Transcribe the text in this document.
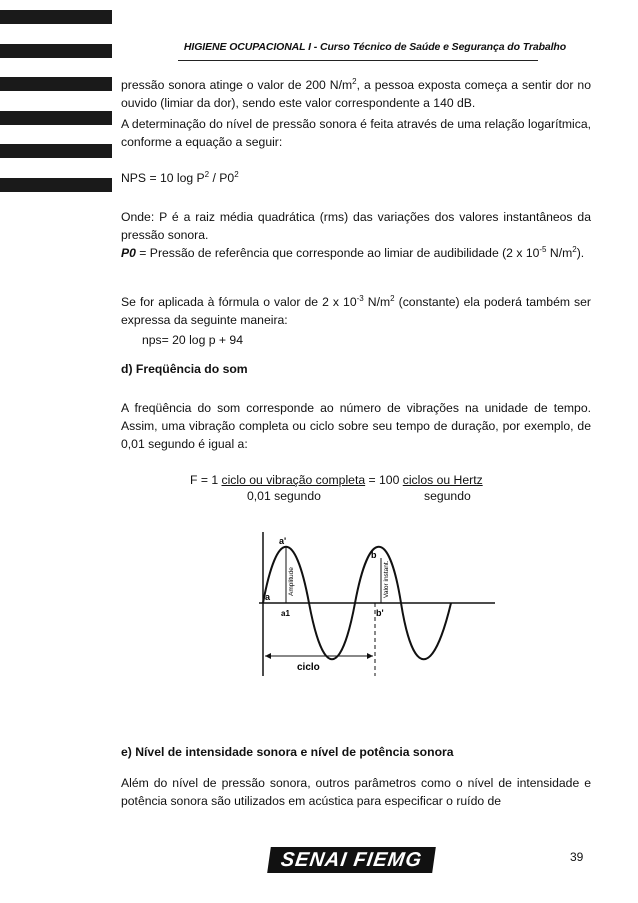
HIGIENE OCUPACIONAL I - Curso Técnico de Saúde e Segurança do Trabalho
pressão sonora atinge o valor de 200 $N/m^2$, a pessoa exposta começa a sentir dor no ouvido (limiar da dor), sendo este valor correspondente a 140 dB.
A determinação do nível de pressão sonora é feita através de uma relação logarítmica, conforme a equação a seguir:
NPS = 10 $\log P^2 / P0^2$
Onde: P é a raiz média quadrática (rms) das variações dos valores instantâneos da pressão sonora.
P0 = Pressão de referência que corresponde ao limiar de audibilidade (2 x $10^{-5}$ $N/m^2$).
Se for aplicada à fórmula o valor de 2 x $10^{-3}$ $N/m^2$ (constante) ela poderá também ser expressa da seguinte maneira:
nps= 20 log p + 94
d) Freqüência do som
A freqüência do som corresponde ao número de vibrações na unidade de tempo. Assim, uma vibração completa ou ciclo sobre seu tempo de duração, por exemplo, de 0,01 segundo é igual a:
F = 1 ciclo ou vibração completa = 100 ciclos ou Hertz
0,01 segundo	segundo
a'
a
a1
b
b'
Amplitude	Valor instant.
ciclo
e) Nível de intensidade sonora e nível de potência sonora
Além do nível de pressão sonora, outros parâmetros como o nível de intensidade e potência sonora são utilizados em acústica para especificar o ruído de
SENAI FIEMG	39
